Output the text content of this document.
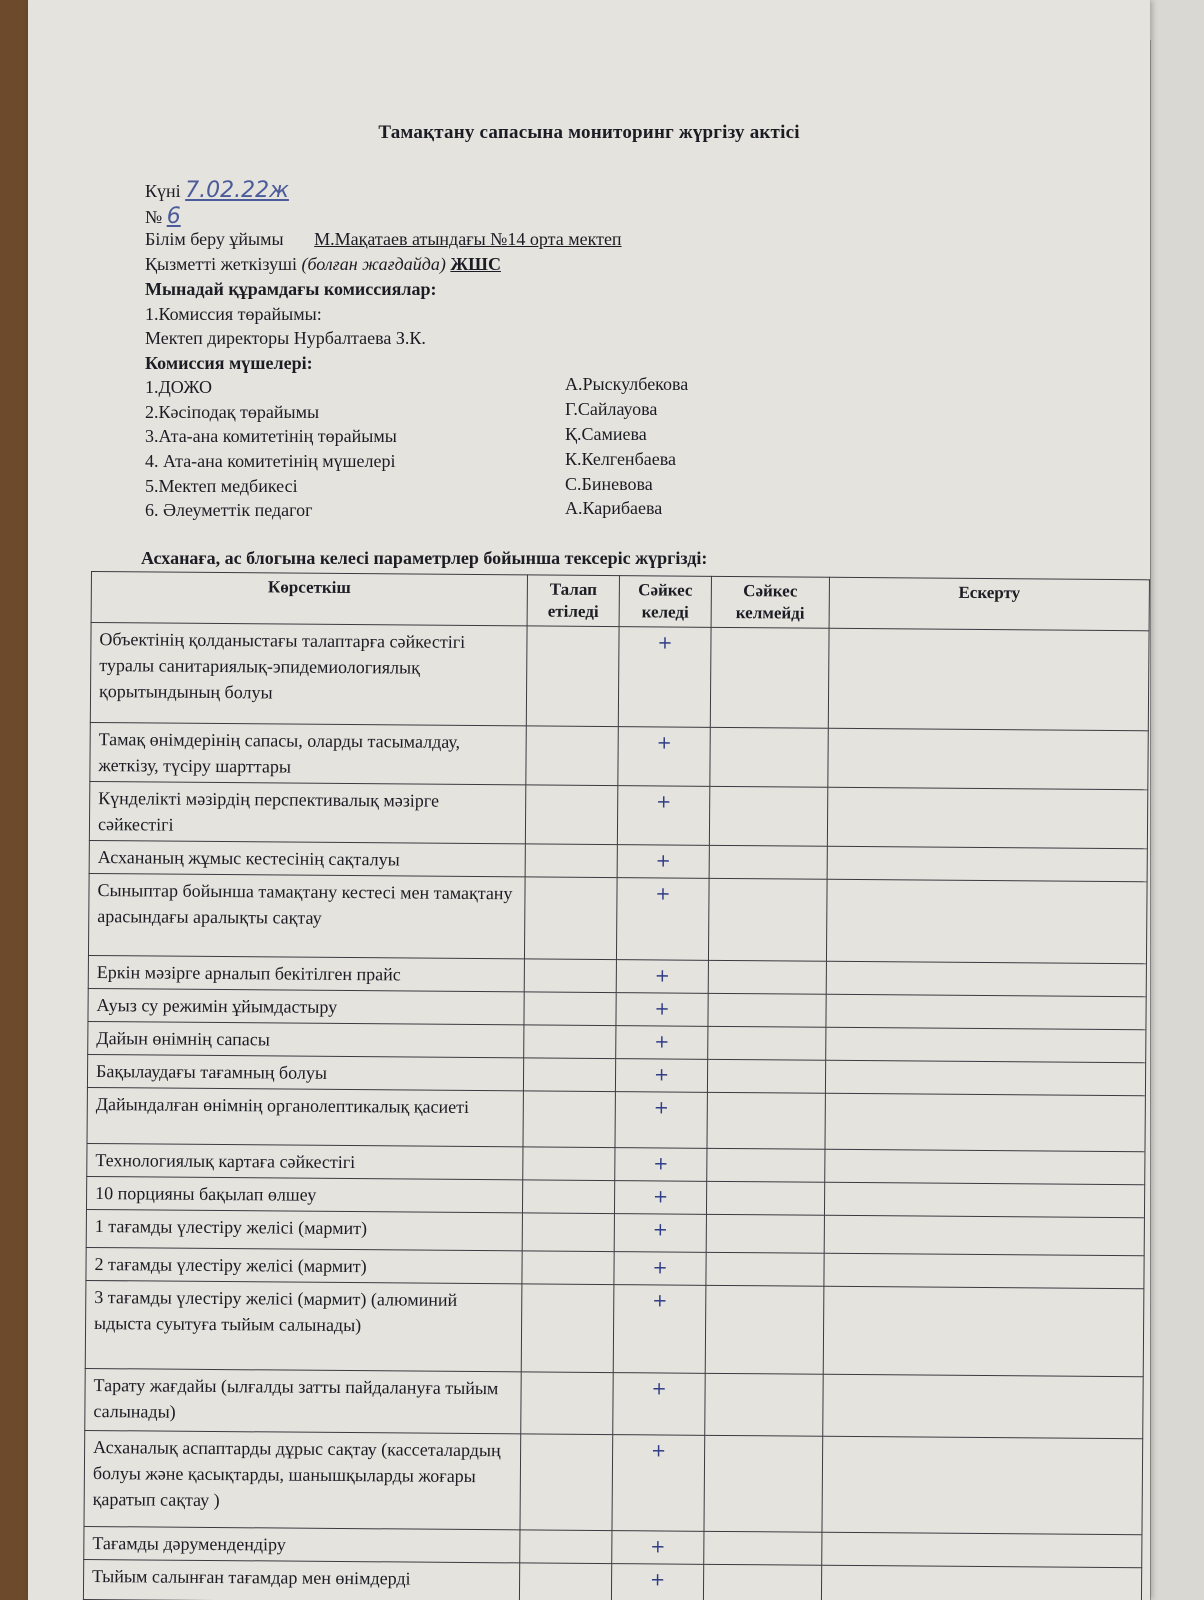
Тамақтану сапасына мониторинг жүргізу актісі
Күні 7.02.22ж
№ 6
Білім беру ұйымы М.Мақатаев атындағы №14 орта мектеп
Қызметті жеткізуші (болған жағдайда) ЖШС
Мынадай құрамдағы комиссиялар:
1.Комиссия төрайымы:
Мектеп директоры Нурбалтаева З.К.
Комиссия мүшелері:
1.ДОЖО	А.Рыскулбекова
2.Кәсіподақ төрайымы	Г.Сайлауова
3.Ата-ана комитетінің төрайымы	Қ.Самиева
4. Ата-ана комитетінің мүшелері	К.Келгенбаева
5.Мектеп медбикесі	С.Биневова
6. Әлеуметтік педагог	А.Карибаева
Асханаға, ас блогына келесі параметрлер бойынша тексеріс жүргізді:
Көрсеткіш	Талап етіледі	Сәйкес келеді	Сәйкес келмейді	Ескерту
Объектінің қолданыстағы талаптарға сәйкестігі туралы санитариялық-эпидемиологиялық қорытындының болуы		+		
Тамақ өнімдерінің сапасы, оларды тасымалдау, жеткізу, түсіру шарттары		+		
Күнделікті мәзірдің перспективалық мәзірге сәйкестігі		+		
Асхананың жұмыс кестесінің сақталуы		+		
Сыныптар бойынша тамақтану кестесі мен тамақтану арасындағы аралықты сақтау		+		
Еркін мәзірге арналып бекітілген прайс		+		
Ауыз су режимін ұйымдастыру		+		
Дайын өнімнің сапасы		+		
Бақылаудағы тағамның болуы		+		
Дайындалған өнімнің органолептикалық қасиеті		+		
Технологиялық картаға сәйкестігі		+		
10 порцияны бақылап өлшеу		+		
1 тағамды үлестіру желісі (мармит)		+		
2 тағамды үлестіру желісі (мармит)		+		
3 тағамды үлестіру желісі (мармит) (алюминий ыдыста суытуға тыйым салынады)		+		
Тарату жағдайы (ылғалды затты пайдалануға тыйым салынады)		+		
Асханалық аспаптарды дұрыс сақтау (кассеталардың болуы және қасықтарды, шанышқыларды жоғары қаратып сақтау )		+		
Тағамды дәрумендендіру		+		
Тыйым салынған тағамдар мен өнімдерді		+		
